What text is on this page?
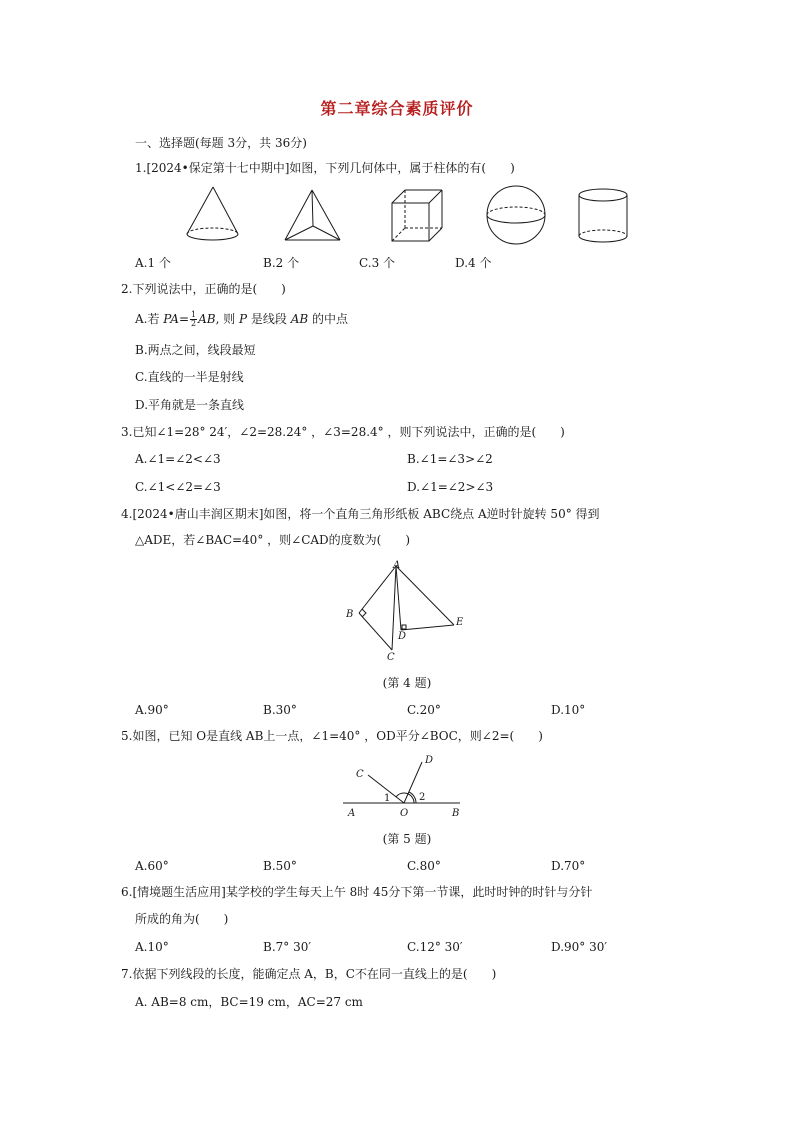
第二章综合素质评价
一、选择题(每题 3分，共 36分)
1.[2024•保定第十七中期中]如图，下列几何体中，属于柱体的有(　　)
A.1 个	B.2 个	C.3 个	D.4 个
2.下列说法中，正确的是(　　)
A.若 $PA= \frac{1}{2}$ AB, 则 P 是线段 AB 的中点
B.两点之间，线段最短
C.直线的一半是射线
D.平角就是一条直线
3.已知∠1=28° 24′，∠2=28.24° ，∠3=28.4° ，则下列说法中，正确的是(　　)
A.∠1=∠2<∠3	B.∠1=∠3>∠2
C.∠1<∠2=∠3	D.∠1=∠2>∠3
4.[2024•唐山丰润区期末]如图，将一个直角三角形纸板 ABC绕点 A逆时针旋转 50° 得到
△ADE，若∠BAC=40° ，则∠CAD的度数为(　　)
A
B
C
D
E
(第 4 题)
A.90°	B.30°	C.20°	D.10°
5.如图，已知 O是直线 AB上一点，∠1=40° ，OD平分∠BOC，则∠2=(　　)
C
D
A	O	B
1	2
(第 5 题)
A.60°	B.50°	C.80°	D.70°
6.[情境题生活应用]某学校的学生每天上午 8时 45分下第一节课，此时时钟的时针与分针
所成的角为(　　)
A.10°	B.7° 30′	C.12° 30′	D.90° 30′
7.依据下列线段的长度，能确定点 A，B，C不在同一直线上的是(　　)
A. AB=8 cm，BC=19 cm，AC=27 cm
